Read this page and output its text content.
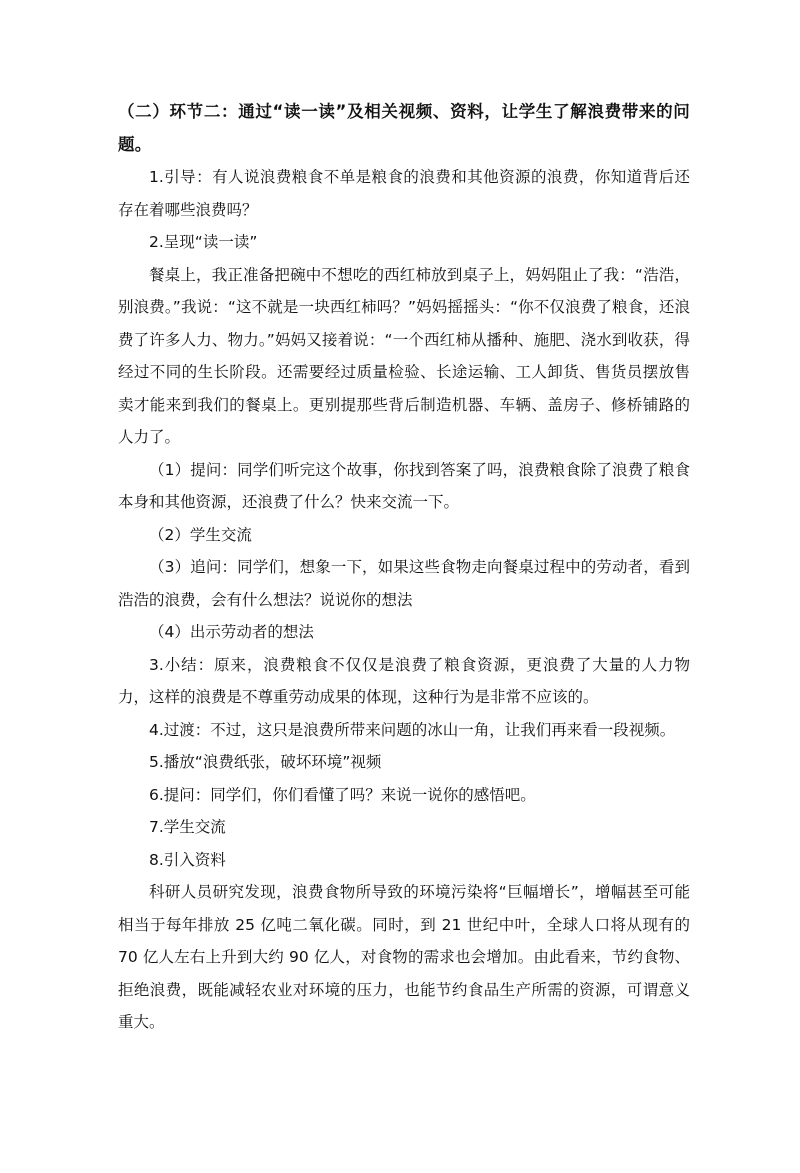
（二）环节二：通过“读一读”及相关视频、资料，让学生了解浪费带来的问题。

1.引导：有人说浪费粮食不单是粮食的浪费和其他资源的浪费，你知道背后还存在着哪些浪费吗？

2.呈现“读一读”

餐桌上，我正准备把碗中不想吃的西红柿放到桌子上，妈妈阻止了我：“浩浩，别浪费。”我说：“这不就是一块西红柿吗？”妈妈摇摇头：“你不仅浪费了粮食，还浪费了许多人力、物力。”妈妈又接着说：“一个西红柿从播种、施肥、浇水到收获，得经过不同的生长阶段。还需要经过质量检验、长途运输、工人卸货、售货员摆放售卖才能来到我们的餐桌上。更别提那些背后制造机器、车辆、盖房子、修桥铺路的人力了。

（1）提问：同学们听完这个故事，你找到答案了吗，浪费粮食除了浪费了粮食本身和其他资源，还浪费了什么？快来交流一下。

（2）学生交流

（3）追问：同学们，想象一下，如果这些食物走向餐桌过程中的劳动者，看到浩浩的浪费，会有什么想法？说说你的想法

（4）出示劳动者的想法

3.小结：原来，浪费粮食不仅仅是浪费了粮食资源，更浪费了大量的人力物力，这样的浪费是不尊重劳动成果的体现，这种行为是非常不应该的。

4.过渡：不过，这只是浪费所带来问题的冰山一角，让我们再来看一段视频。

5.播放“浪费纸张，破坏环境”视频

6.提问：同学们，你们看懂了吗？来说一说你的感悟吧。

7.学生交流

8.引入资料

科研人员研究发现，浪费食物所导致的环境污染将“巨幅增长”，增幅甚至可能相当于每年排放 25 亿吨二氧化碳。同时，到 21 世纪中叶，全球人口将从现有的 70 亿人左右上升到大约 90 亿人，对食物的需求也会增加。由此看来，节约食物、拒绝浪费，既能减轻农业对环境的压力，也能节约食品生产所需的资源，可谓意义重大。
